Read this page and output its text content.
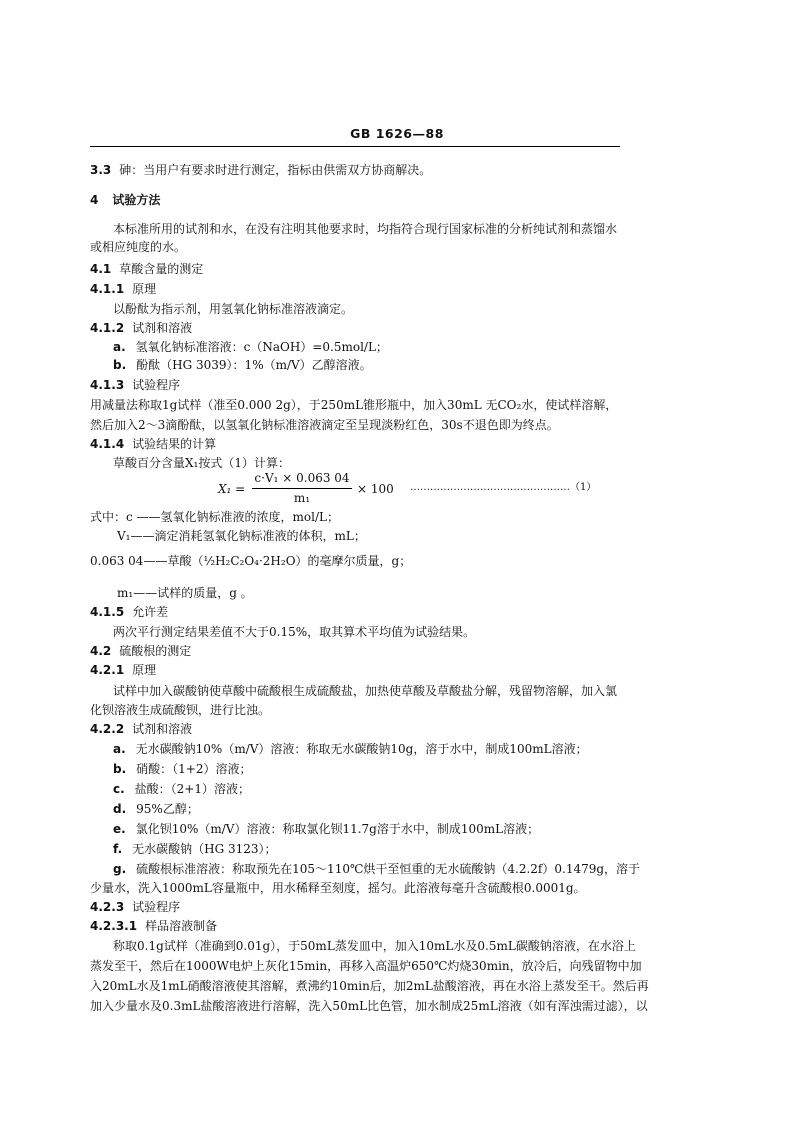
GB 1626—88
3.3 砷：当用户有要求时进行测定，指标由供需双方协商解决。
4 试验方法
本标准所用的试剂和水，在没有注明其他要求时，均指符合现行国家标准的分析纯试剂和蒸馏水
或相应纯度的水。
4.1 草酸含量的测定
4.1.1 原理
以酚酞为指示剂，用氢氧化钠标准溶液滴定。
4.1.2 试剂和溶液
a. 氢氧化钠标准溶液：c（NaOH）=0.5mol/L；
b. 酚酞（HG 3039）：1%（m/V）乙醇溶液。
4.1.3 试验程序
用减量法称取1g试样（准至0.000 2g），于250mL锥形瓶中，加入30mL 无CO₂水，使试样溶解，
然后加入2～3滴酚酞，以氢氧化钠标准溶液滴定至呈现淡粉红色，30s不退色即为终点。
4.1.4 试验结果的计算
草酸百分含量X₁按式（1）计算：
X₁ =
c·V₁ × 0.063 04
m₁
× 100 …………………………………………（1）
式中：c ——氢氧化钠标准液的浓度，mol/L；
V₁——滴定消耗氢氧化钠标准液的体积，mL；
0.063 04——草酸（½H₂C₂O₄·2H₂O）的毫摩尔质量，g；
m₁——试样的质量，g 。
4.1.5 允许差
两次平行测定结果差值不大于0.15%，取其算术平均值为试验结果。
4.2 硫酸根的测定
4.2.1 原理
试样中加入碳酸钠使草酸中硫酸根生成硫酸盐，加热使草酸及草酸盐分解，残留物溶解，加入氯
化钡溶液生成硫酸钡，进行比浊。
4.2.2 试剂和溶液
a. 无水碳酸钠10%（m/V）溶液：称取无水碳酸钠10g，溶于水中，制成100mL溶液；
b. 硝酸：（1+2）溶液；
c. 盐酸：（2+1）溶液；
d. 95%乙醇；
e. 氯化钡10%（m/V）溶液：称取氯化钡11.7g溶于水中，制成100mL溶液；
f. 无水碳酸钠（HG 3123）；
g. 硫酸根标准溶液：称取预先在105～110℃烘干至恒重的无水硫酸钠（4.2.2f）0.1479g，溶于
少量水，洗入1000mL容量瓶中，用水稀释至刻度，摇匀。此溶液每毫升含硫酸根0.0001g。
4.2.3 试验程序
4.2.3.1 样品溶液制备
称取0.1g试样（准确到0.01g），于50mL蒸发皿中，加入10mL水及0.5mL碳酸钠溶液，在水浴上
蒸发至干，然后在1000W电炉上灰化15min，再移入高温炉650℃灼烧30min，放冷后，向残留物中加
入20mL水及1mL硝酸溶液使其溶解，煮沸约10min后，加2mL盐酸溶液，再在水浴上蒸发至干。然后再
加入少量水及0.3mL盐酸溶液进行溶解，洗入50mL比色管，加水制成25mL溶液（如有浑浊需过滤），以
